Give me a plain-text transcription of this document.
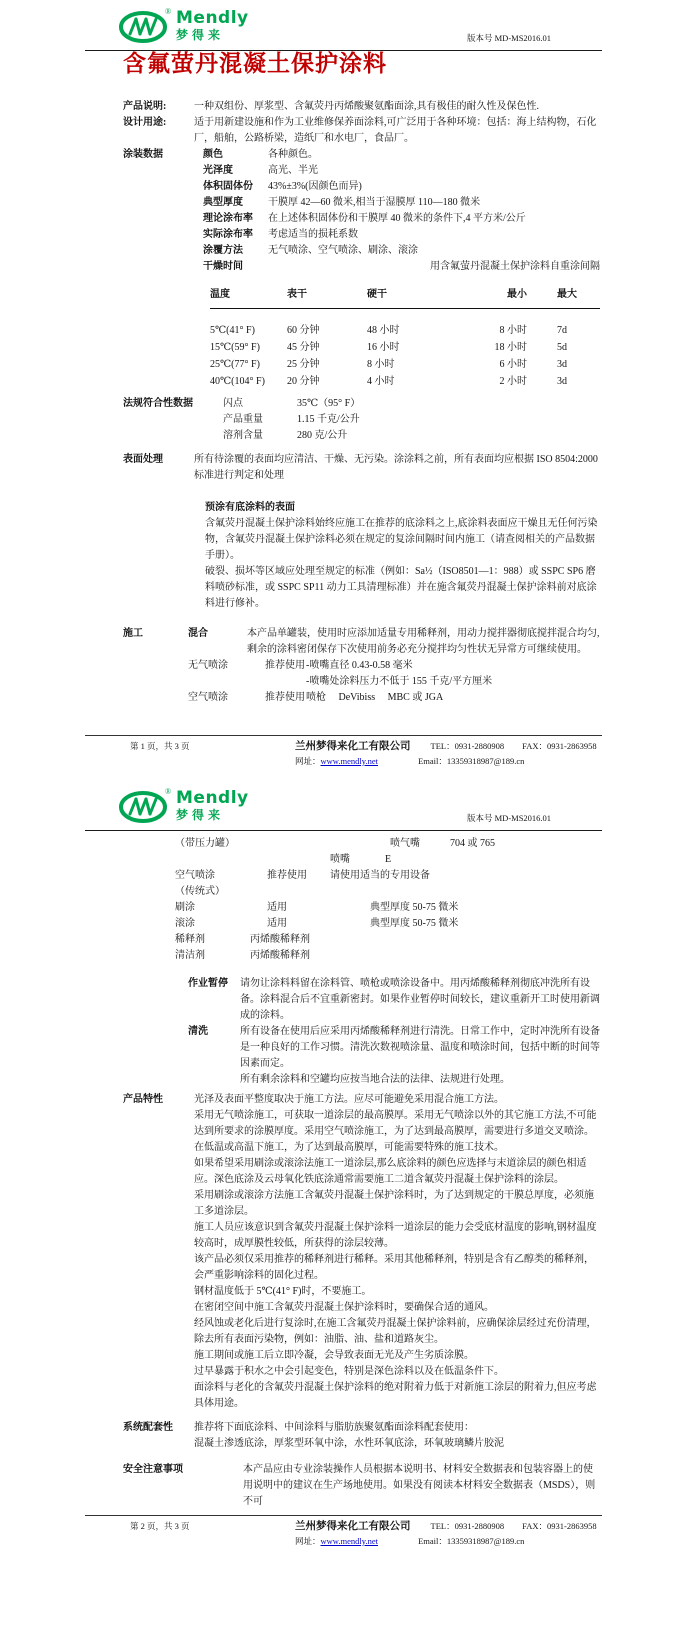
® Mendly
梦得来	版本号 MD-MS2016.01
含氟萤丹混凝土保护涂料
产品说明:	一种双组份、厚浆型、含氟荧丹丙烯酸聚氨酯面涂,具有极佳的耐久性及保色性.
设计用途:	适于用新建设施和作为工业维修保养面涂料,可广泛用于各种环境：包括：海上结构物，石化厂，船舶，公路桥梁，造纸厂和水电厂，食品厂。
涂装数据	颜色	各种颜色。
光泽度	高光、半光
体积固体份	43%±3%(因颜色而异)
典型厚度	干膜厚 42—60 微米,相当于湿膜厚 110—180 微米
理论涂布率	在上述体积固体份和干膜厚 40 微米的条件下,4 平方米/公斤
实际涂布率	考虑适当的损耗系数
涂覆方法	无气喷涂、空气喷涂、刷涂、滚涂
干燥时间	用含氟萤丹混凝土保护涂料自重涂间隔
温度	表干	硬干	最小	最大
5℃(41° F)	60 分钟	48 小时	8 小时	7d
15℃(59° F)	45 分钟	16 小时	18 小时	5d
25℃(77° F)	25 分钟	8 小时	6 小时	3d
40℃(104° F)	20 分钟	4 小时	2 小时	3d
法规符合性数据	闪点	35℃（95° F）
产品重量	1.15 千克/公升
溶剂含量	280 克/公升
表面处理	所有待涂覆的表面均应清洁、干燥、无污染。涂涂料之前，所有表面均应根据 ISO 8504:2000 标准进行判定和处理
预涂有底涂料的表面
含氟荧丹混凝土保护涂料始终应施工在推荐的底涂料之上,底涂料表面应干燥且无任何污染物，含氟荧丹混凝土保护涂料必须在规定的复涂间隔时间内施工（请查阅相关的产品数据手册）。
破裂、损坏等区域应处理至规定的标准（例如：Sa½（ISO8501—1：988）或 SSPC SP6 磨料喷砂标准，或 SSPC SP11 动力工具清理标准）并在施含氟荧丹混凝土保护涂料前对底涂料进行修补。
施工	混合	本产品单罐装，使用时应添加适量专用稀释剂，用动力搅拌器彻底搅拌混合均匀,剩余的涂料密闭保存下次使用前务必充分搅拌均匀性状无异常方可继续使用。
无气喷涂	推荐使用 -喷嘴直径 0.43-0.58 毫米
-喷嘴处涂料压力不低于 155 千克/平方厘米
空气喷涂	推荐使用 喷枪　 DeVibiss　 MBC 或 JGA
第 1 页，共 3 页	兰州梦得来化工有限公司 TEL：0931-2880908 FAX：0931-2863958
网址：www.mendly.net	Email：13359318987@189.cn
® Mendly
梦得来	版本号 MD-MS2016.01
（带压力罐）	喷气嘴	704 或 765
喷嘴	E
空气喷涂	推荐使用	请使用适当的专用设备
（传统式）
刷涂	适用	典型厚度 50-75 微米
滚涂	适用	典型厚度 50-75 微米
稀释剂	丙烯酸稀释剂
清洁剂	丙烯酸稀释剂
作业暂停	请勿让涂料料留在涂料管、喷枪或喷涂设备中。用丙烯酸稀释剂彻底冲洗所有设备。涂料混合后不宜重新密封。如果作业暂停时间较长，建议重新开工时使用新调成的涂料。
清洗	所有设备在使用后应采用丙烯酸稀释剂进行清洗。日常工作中，定时冲洗所有设备是一种良好的工作习惯。清洗次数视喷涂量、温度和喷涂时间，包括中断的时间等因素而定。
所有剩余涂料和空罐均应按当地合法的法律、法规进行处理。
产品特性	光泽及表面平整度取决于施工方法。应尽可能避免采用混合施工方法。

采用无气喷涂施工，可获取一道涂层的最高膜厚。采用无气喷涂以外的其它施工方法,不可能达到所要求的涂膜厚度。采用空气喷涂施工，为了达到最高膜厚，需要进行多道交叉喷涂。在低温或高温下施工，为了达到最高膜厚，可能需要特殊的施工技术。

如果希望采用刷涂或滚涂法施工一道涂层,那么底涂料的颜色应选择与末道涂层的颜色相适应。深色底涂及云母氧化铁底涂通常需要施工二道含氟荧丹混凝土保护涂料的涂层。

采用刷涂或滚涂方法施工含氟荧丹混凝土保护涂料时，为了达到规定的干膜总厚度，必须施工多道涂层。

施工人员应该意识到含氟荧丹混凝土保护涂料一道涂层的能力会受底材温度的影响,钢材温度较高时，成厚膜性较低，所获得的涂层较薄。

该产品必须仅采用推荐的稀释剂进行稀释。采用其他稀释剂，特别是含有乙醇类的稀释剂，会严重影响涂料的固化过程。

钢材温度低于 5℃(41° F)时，不要施工。

在密闭空间中施工含氟荧丹混凝土保护涂料时，要确保合适的通风。

经风蚀或老化后进行复涂时,在施工含氟荧丹混凝土保护涂料前，应确保涂层经过充份清理，除去所有表面污染物，例如：油脂、油、盐和道路灰尘。

施工期间或施工后立即冷凝，会导致表面无光及产生劣质涂膜。

过早暴露于积水之中会引起变色，特别是深色涂料以及在低温条件下。

面涂料与老化的含氟荧丹混凝土保护涂料的绝对附着力低于对新施工涂层的附着力,但应考虑具体用途。

系统配套性	推荐将下面底涂料、中间涂料与脂肪族聚氨酯面涂料配套使用：
混凝土渗透底涂，厚浆型环氧中涂，水性环氧底涂，环氧玻璃鳞片胶泥
安全注意事项	本产品应由专业涂装操作人员根据本说明书、材料安全数据表和包装容器上的使用说明中的建议在生产场地使用。如果没有阅读本材料安全数据表（MSDS），则不可
第 2 页，共 3 页	兰州梦得来化工有限公司 TEL：0931-2880908 FAX：0931-2863958
网址：www.mendly.net	Email：13359318987@189.cn
